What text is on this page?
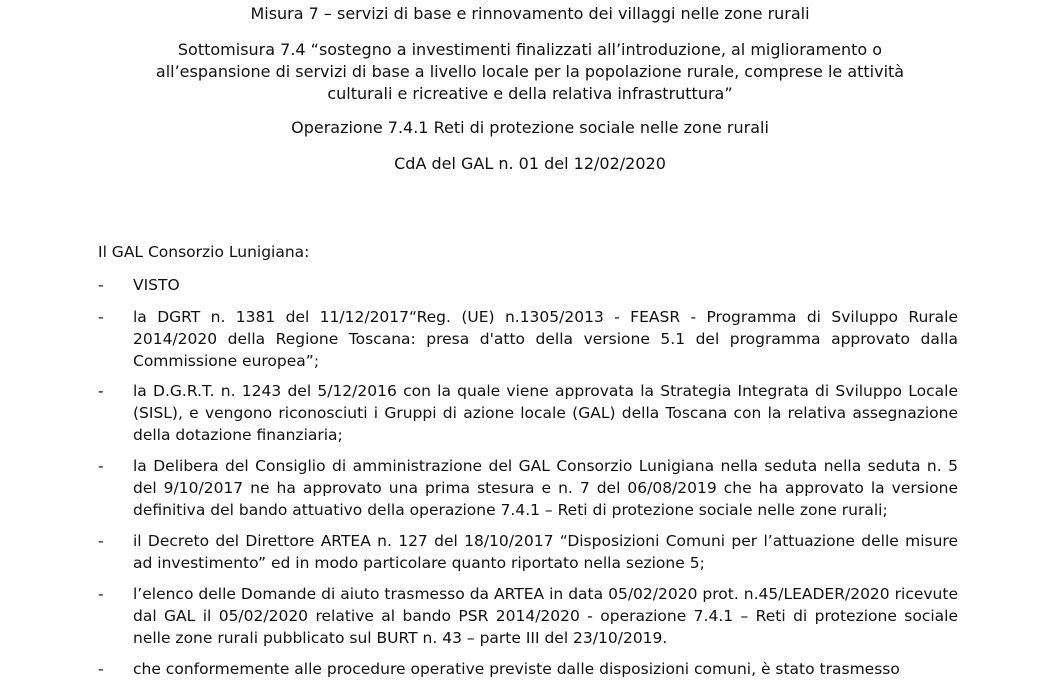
Misura 7 – servizi di base e rinnovamento dei villaggi nelle zone rurali

Sottomisura 7.4 “sostegno a investimenti finalizzati all’introduzione, al miglioramento o all’espansione di servizi di base a livello locale per la popolazione rurale, comprese le attività culturali e ricreative e della relativa infrastruttura”

Operazione 7.4.1 Reti di protezione sociale nelle zone rurali

CdA del GAL n. 01 del 12/02/2020

Il GAL Consorzio Lunigiana:

- VISTO

- la DGRT n. 1381 del 11/12/2017“Reg. (UE) n.1305/2013 - FEASR - Programma di Sviluppo Rurale 2014/2020 della Regione Toscana: presa d'atto della versione 5.1 del programma approvato dalla Commissione europea”;

- la D.G.R.T. n. 1243 del 5/12/2016 con la quale viene approvata la Strategia Integrata di Sviluppo Locale (SISL), e vengono riconosciuti i Gruppi di azione locale (GAL) della Toscana con la relativa assegnazione della dotazione finanziaria;

- la Delibera del Consiglio di amministrazione del GAL Consorzio Lunigiana nella seduta nella seduta n. 5 del 9/10/2017 ne ha approvato una prima stesura e n. 7 del 06/08/2019 che ha approvato la versione definitiva del bando attuativo della operazione 7.4.1 – Reti di protezione sociale nelle zone rurali;

- il Decreto del Direttore ARTEA n. 127 del 18/10/2017 “Disposizioni Comuni per l’attuazione delle misure ad investimento” ed in modo particolare quanto riportato nella sezione 5;

- l’elenco delle Domande di aiuto trasmesso da ARTEA in data 05/02/2020 prot. n.45/LEADER/2020 ricevute dal GAL il 05/02/2020 relative al bando PSR 2014/2020 - operazione 7.4.1 – Reti di protezione sociale nelle zone rurali pubblicato sul BURT n. 43 – parte III del 23/10/2019.

- che conformemente alle procedure operative previste dalle disposizioni comuni, è stato trasmesso
